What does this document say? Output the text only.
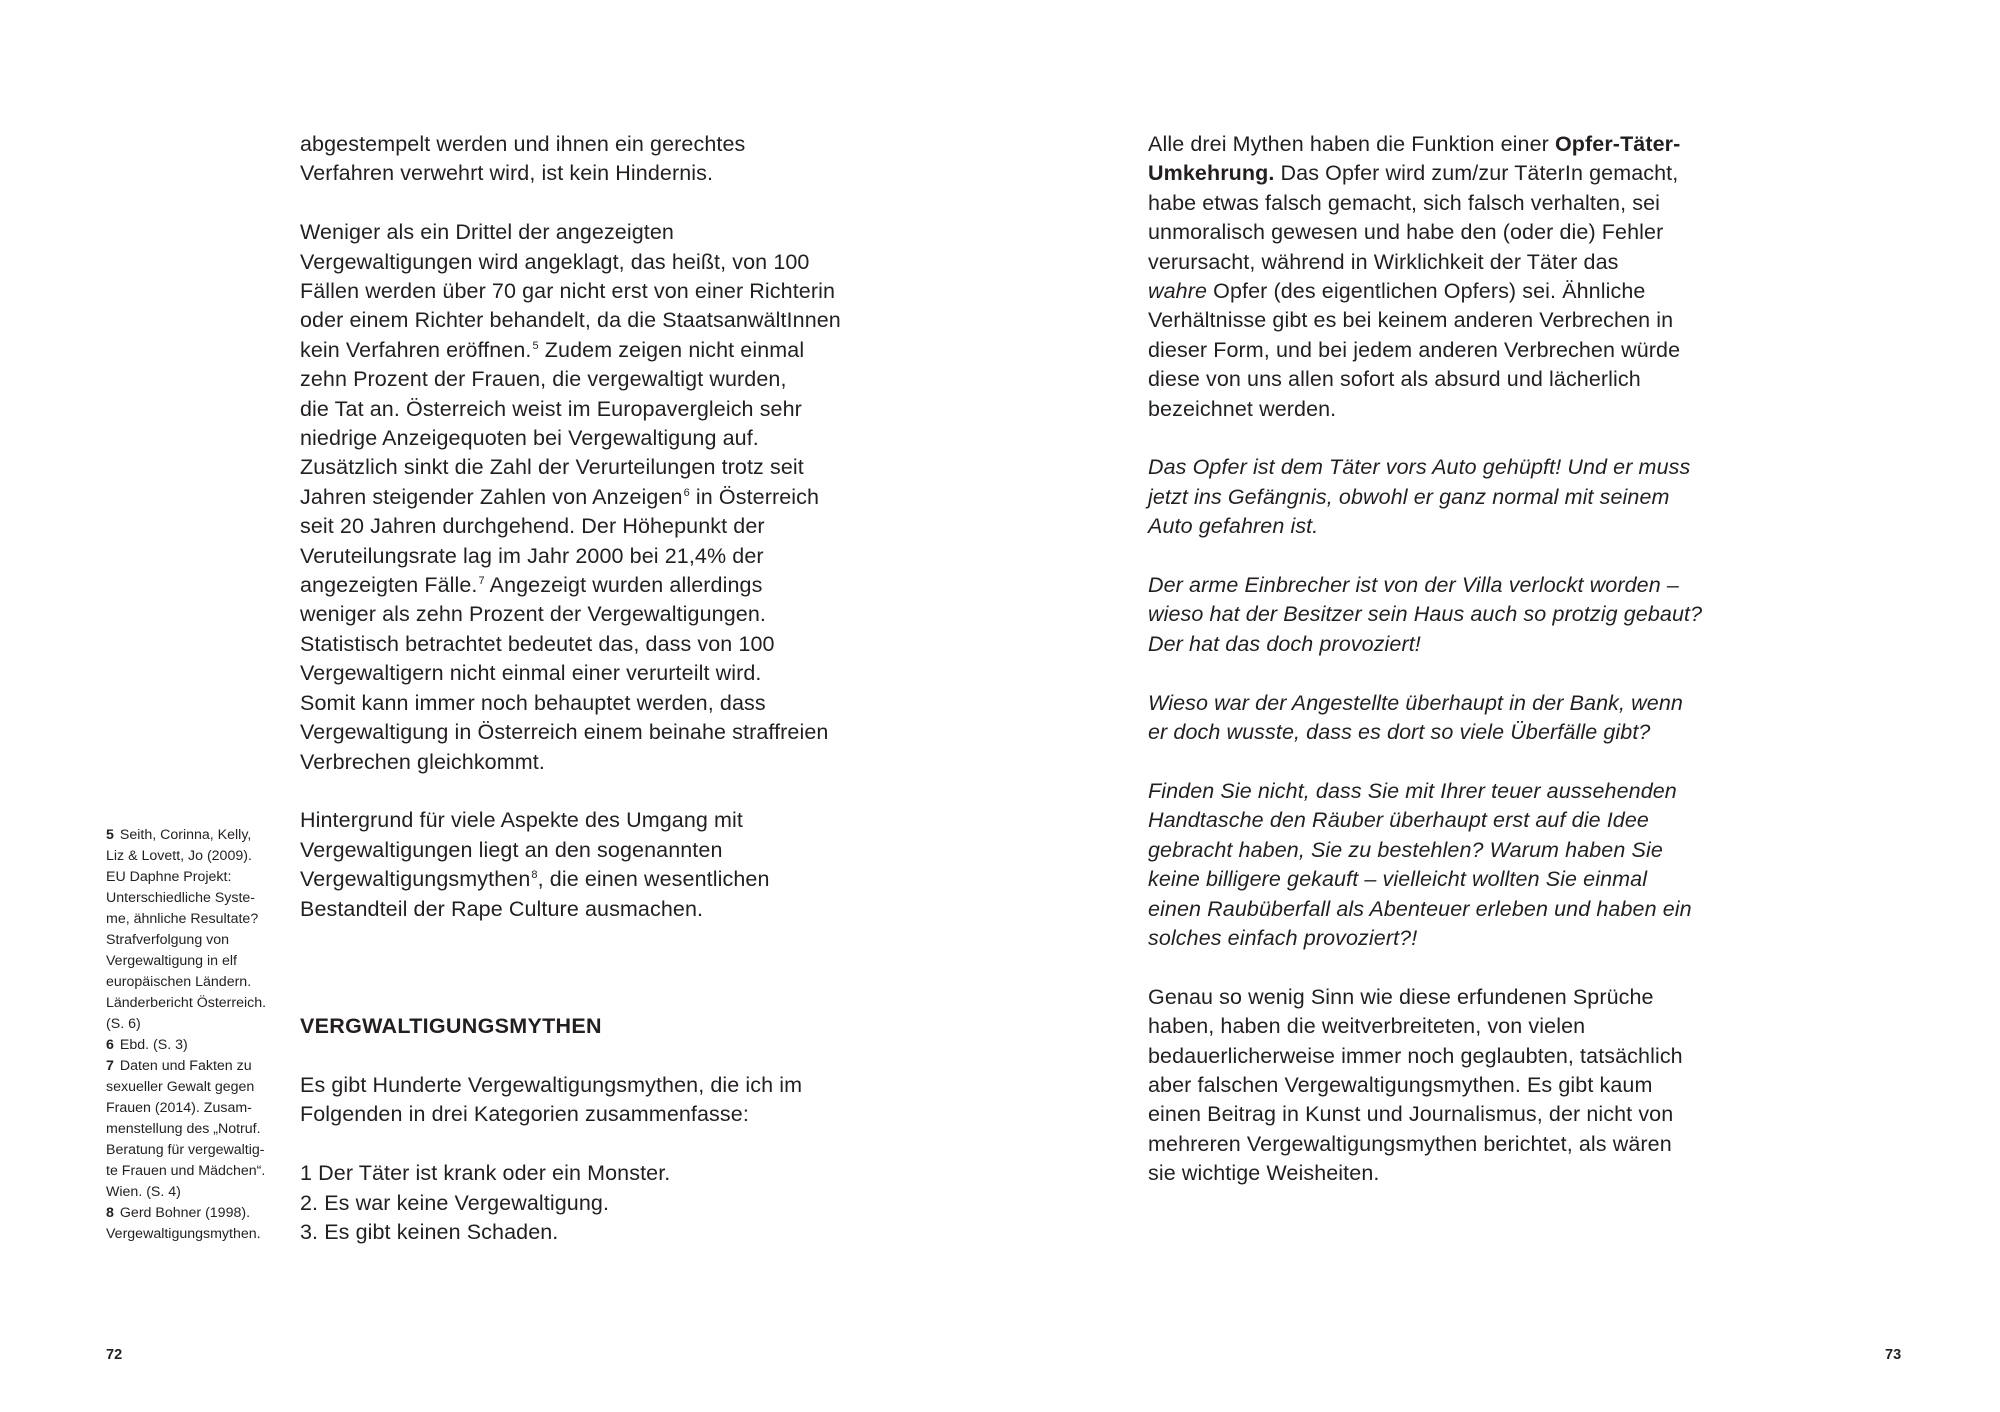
abgestempelt werden und ihnen ein gerechtes
Verfahren verwehrt wird, ist kein Hindernis.

Weniger als ein Drittel der angezeigten
Vergewaltigungen wird angeklagt, das heißt, von 100
Fällen werden über 70 gar nicht erst von einer Richterin
oder einem Richter behandelt, da die StaatsanwältInnen
kein Verfahren eröffnen.$^5$ Zudem zeigen nicht einmal
zehn Prozent der Frauen, die vergewaltigt wurden,
die Tat an. Österreich weist im Europavergleich sehr
niedrige Anzeigequoten bei Vergewaltigung auf.
Zusätzlich sinkt die Zahl der Verurteilungen trotz seit
Jahren steigender Zahlen von Anzeigen$^6$ in Österreich
seit 20 Jahren durchgehend. Der Höhepunkt der
Veruteilungsrate lag im Jahr 2000 bei 21,4% der
angezeigten Fälle.$^7$ Angezeigt wurden allerdings
weniger als zehn Prozent der Vergewaltigungen.
Statistisch betrachtet bedeutet das, dass von 100
Vergewaltigern nicht einmal einer verurteilt wird.
Somit kann immer noch behauptet werden, dass
Vergewaltigung in Österreich einem beinahe straffreien
Verbrechen gleichkommt.

Hintergrund für viele Aspekte des Umgang mit
Vergewaltigungen liegt an den sogenannten
Vergewaltigungsmythen$^8$, die einen wesentlichen
Bestandteil der Rape Culture ausmachen.

VERGWALTIGUNGSMYTHEN

Es gibt Hunderte Vergewaltigungsmythen, die ich im
Folgenden in drei Kategorien zusammenfasse:

1 Der Täter ist krank oder ein Monster.
2. Es war keine Vergewaltigung.
3. Es gibt keinen Schaden.

5 Seith, Corinna, Kelly,
Liz & Lovett, Jo (2009).
EU Daphne Projekt:
Unterschiedliche Syste-
me, ähnliche Resultate?
Strafverfolgung von
Vergewaltigung in elf
europäischen Ländern.
Länderbericht Österreich.
(S. 6)
6 Ebd. (S. 3)
7 Daten und Fakten zu
sexueller Gewalt gegen
Frauen (2014). Zusam-
menstellung des „Notruf.
Beratung für vergewaltig-
te Frauen und Mädchen“.
Wien. (S. 4)
8 Gerd Bohner (1998).
Vergewaltigungsmythen.
72

Alle drei Mythen haben die Funktion einer Opfer-Täter-
Umkehrung. Das Opfer wird zum/zur TäterIn gemacht,
habe etwas falsch gemacht, sich falsch verhalten, sei
unmoralisch gewesen und habe den (oder die) Fehler
verursacht, während in Wirklichkeit der Täter das
wahre Opfer (des eigentlichen Opfers) sei. Ähnliche
Verhältnisse gibt es bei keinem anderen Verbrechen in
dieser Form, und bei jedem anderen Verbrechen würde
diese von uns allen sofort als absurd und lächerlich
bezeichnet werden.

Das Opfer ist dem Täter vors Auto gehüpft! Und er muss
jetzt ins Gefängnis, obwohl er ganz normal mit seinem
Auto gefahren ist.

Der arme Einbrecher ist von der Villa verlockt worden –
wieso hat der Besitzer sein Haus auch so protzig gebaut?
Der hat das doch provoziert!

Wieso war der Angestellte überhaupt in der Bank, wenn
er doch wusste, dass es dort so viele Überfälle gibt?

Finden Sie nicht, dass Sie mit Ihrer teuer aussehenden
Handtasche den Räuber überhaupt erst auf die Idee
gebracht haben, Sie zu bestehlen? Warum haben Sie
keine billigere gekauft – vielleicht wollten Sie einmal
einen Raubüberfall als Abenteuer erleben und haben ein
solches einfach provoziert?!

Genau so wenig Sinn wie diese erfundenen Sprüche
haben, haben die weitverbreiteten, von vielen
bedauerlicherweise immer noch geglaubten, tatsächlich
aber falschen Vergewaltigungsmythen. Es gibt kaum
einen Beitrag in Kunst und Journalismus, der nicht von
mehreren Vergewaltigungsmythen berichtet, als wären
sie wichtige Weisheiten.

73
